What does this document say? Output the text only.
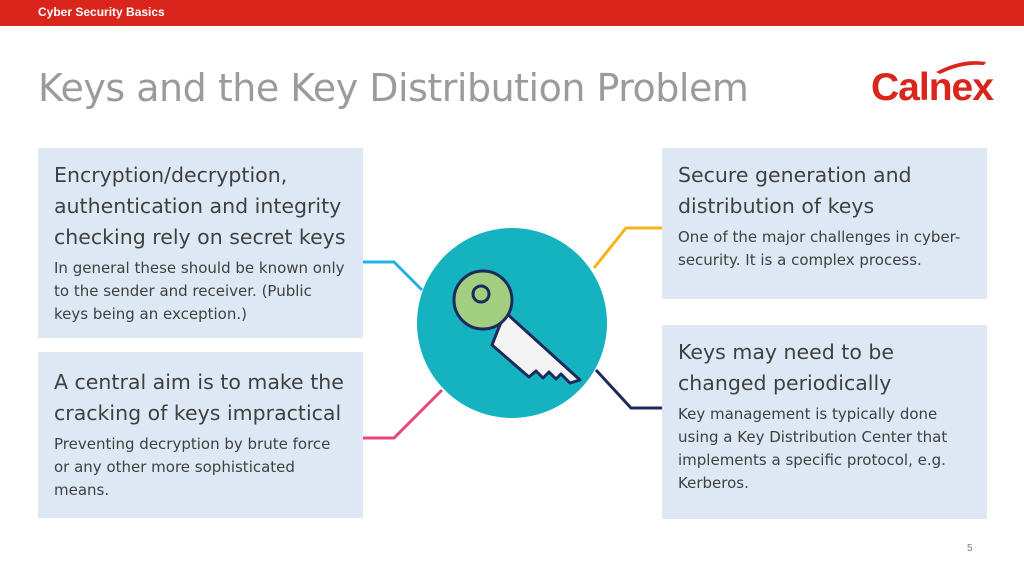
Cyber Security Basics
Keys and the Key Distribution Problem	Calnex

Encryption/decryption, authentication and integrity checking rely on secret keys

In general these should be known only to the sender and receiver. (Public keys being an exception.)

A central aim is to make the cracking of keys impractical

Preventing decryption by brute force or any other more sophisticated means.

Secure generation and distribution of keys

One of the major challenges in cyber-security. It is a complex process.

Keys may need to be changed periodically

Key management is typically done using a Key Distribution Center that implements a specific protocol, e.g. Kerberos.

5
